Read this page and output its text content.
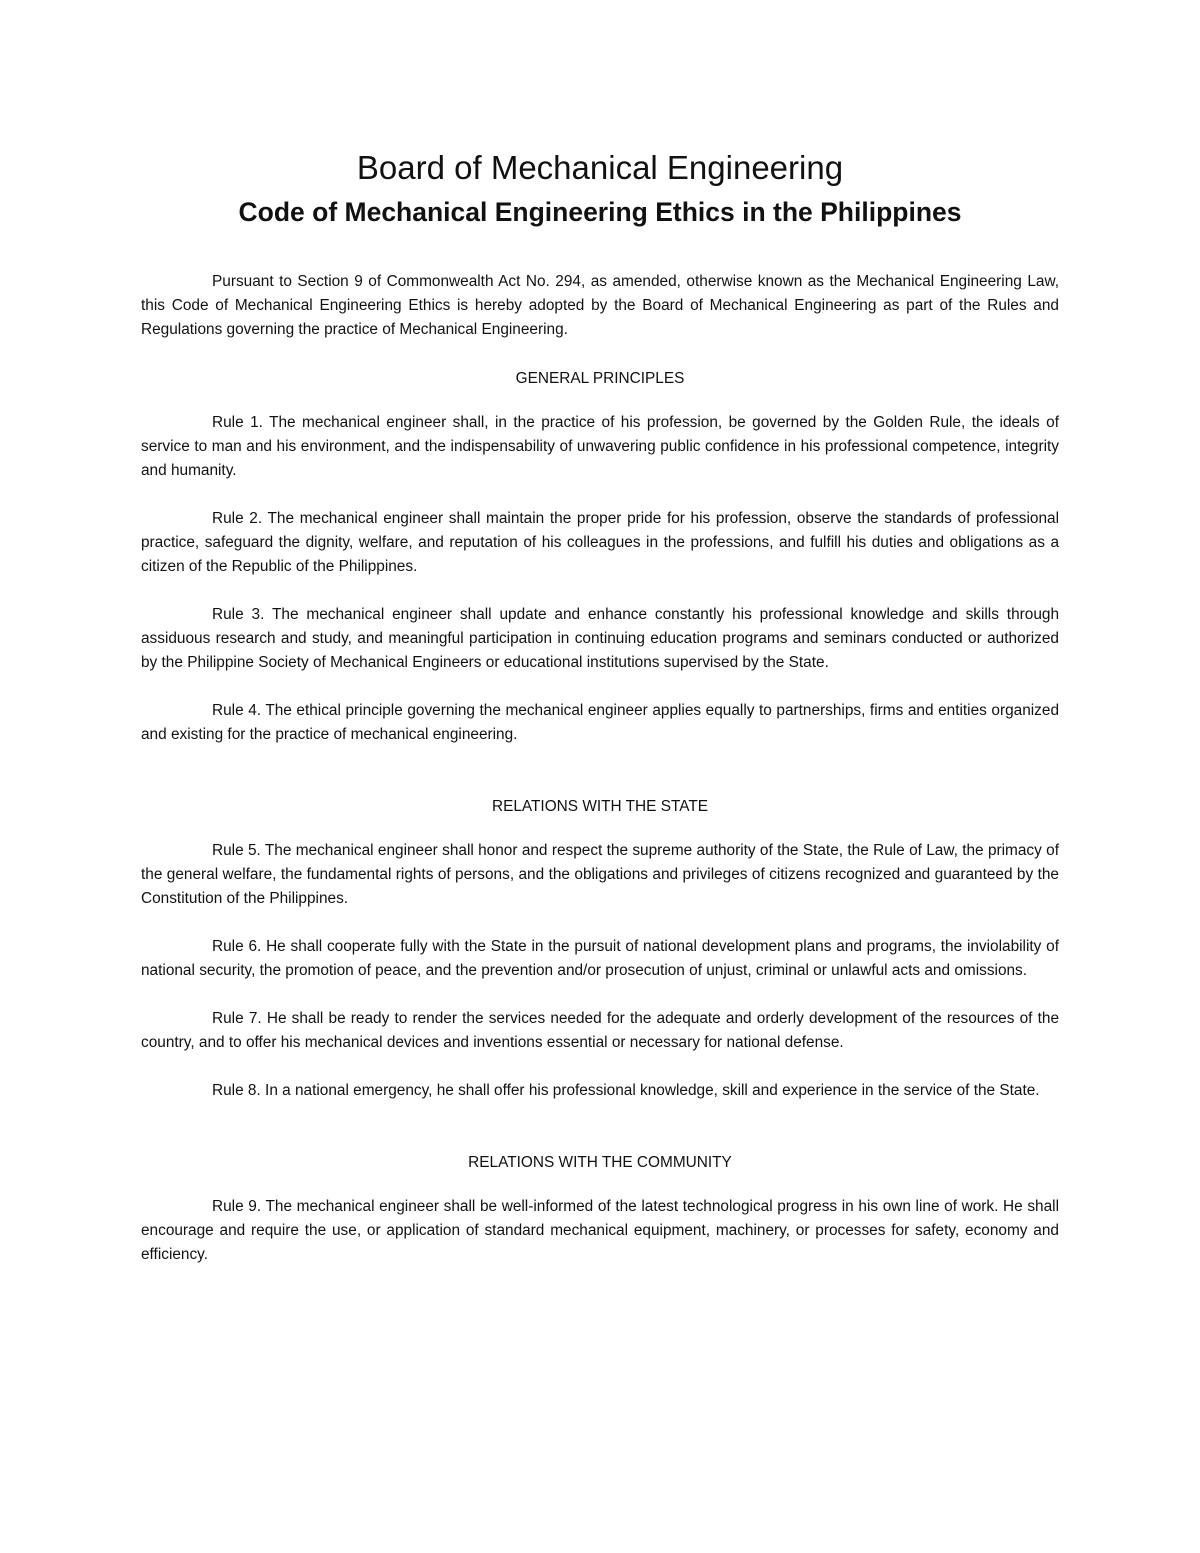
Board of Mechanical Engineering
Code of Mechanical Engineering Ethics in the Philippines

Pursuant to Section 9 of Commonwealth Act No. 294, as amended, otherwise known as the Mechanical Engineering Law, this Code of Mechanical Engineering Ethics is hereby adopted by the Board of Mechanical Engineering as part of the Rules and Regulations governing the practice of Mechanical Engineering.

GENERAL PRINCIPLES

Rule 1. The mechanical engineer shall, in the practice of his profession, be governed by the Golden Rule, the ideals of service to man and his environment, and the indispensability of unwavering public confidence in his professional competence, integrity and humanity.

Rule 2. The mechanical engineer shall maintain the proper pride for his profession, observe the standards of professional practice, safeguard the dignity, welfare, and reputation of his colleagues in the professions, and fulfill his duties and obligations as a citizen of the Republic of the Philippines.

Rule 3. The mechanical engineer shall update and enhance constantly his professional knowledge and skills through assiduous research and study, and meaningful participation in continuing education programs and seminars conducted or authorized by the Philippine Society of Mechanical Engineers or educational institutions supervised by the State.

Rule 4. The ethical principle governing the mechanical engineer applies equally to partnerships, firms and entities organized and existing for the practice of mechanical engineering.

RELATIONS WITH THE STATE

Rule 5. The mechanical engineer shall honor and respect the supreme authority of the State, the Rule of Law, the primacy of the general welfare, the fundamental rights of persons, and the obligations and privileges of citizens recognized and guaranteed by the Constitution of the Philippines.

Rule 6. He shall cooperate fully with the State in the pursuit of national development plans and programs, the inviolability of national security, the promotion of peace, and the prevention and/or prosecution of unjust, criminal or unlawful acts and omissions.

Rule 7. He shall be ready to render the services needed for the adequate and orderly development of the resources of the country, and to offer his mechanical devices and inventions essential or necessary for national defense.

Rule 8. In a national emergency, he shall offer his professional knowledge, skill and experience in the service of the State.

RELATIONS WITH THE COMMUNITY

Rule 9. The mechanical engineer shall be well-informed of the latest technological progress in his own line of work. He shall encourage and require the use, or application of standard mechanical equipment, machinery, or processes for safety, economy and efficiency.
